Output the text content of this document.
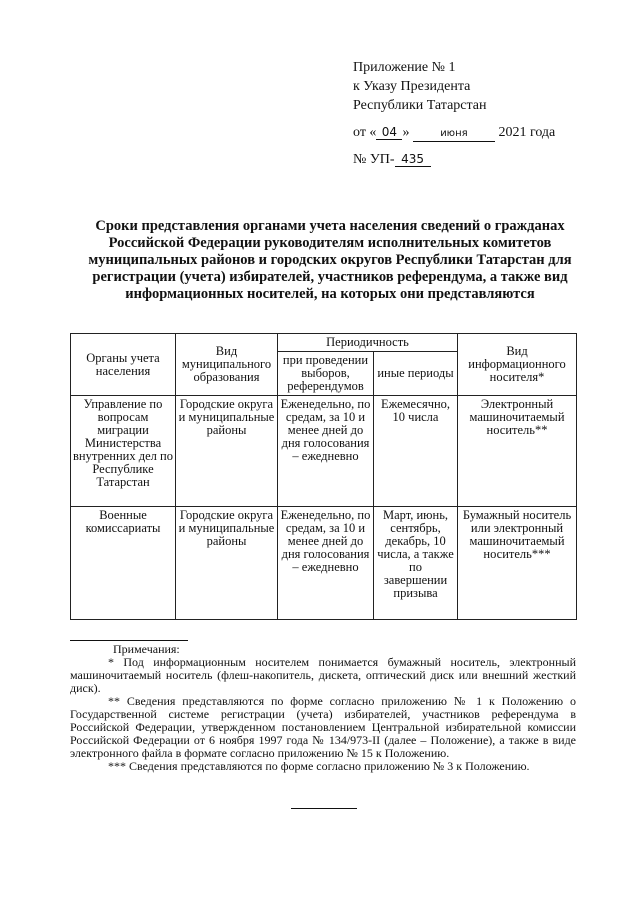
Приложение № 1
к Указу Президента
Республики Татарстан
от « 04 »	июня 2021 года
№ УП- 435
Сроки представления органами учета населения сведений о гражданах Российской Федерации руководителям исполнительных комитетов муниципальных районов и городских округов Республики Татарстан для регистрации (учета) избирателей, участников референдума, а также вид информационных носителей, на которых они представляются
Органы учета населения	Вид муниципального образования	Периодичность		Вид информационного носителя*
		при проведении выборов, референдумов	иные периоды	
Управление по вопросам миграции Министерства внутренних дел по Республике Татарстан	Городские округа и муниципальные районы	Еженедельно, по средам, за 10 и менее дней до дня голосования – ежедневно	Ежемесячно, 10 числа	Электронный машиночитаемый носитель**
Военные комиссариаты	Городские округа и муниципальные районы	Еженедельно, по средам, за 10 и менее дней до дня голосования – ежедневно	Март, июнь, сентябрь, декабрь, 10 числа, а также по завершении призыва	Бумажный носитель или электронный машиночитаемый носитель***

Примечания:

* Под информационным носителем понимается бумажный носитель, электронный машиночитаемый носитель (флеш-накопитель, дискета, оптический диск или внешний жесткий диск).

** Сведения представляются по форме согласно приложению № 1 к Положению о Государственной системе регистрации (учета) избирателей, участников референдума в Российской Федерации, утвержденном постановлением Центральной избирательной комиссии Российской Федерации от 6 ноября 1997 года № 134/973-II (далее – Положение), а также в виде электронного файла в формате согласно приложению № 15 к Положению.

*** Сведения представляются по форме согласно приложению № 3 к Положению.
